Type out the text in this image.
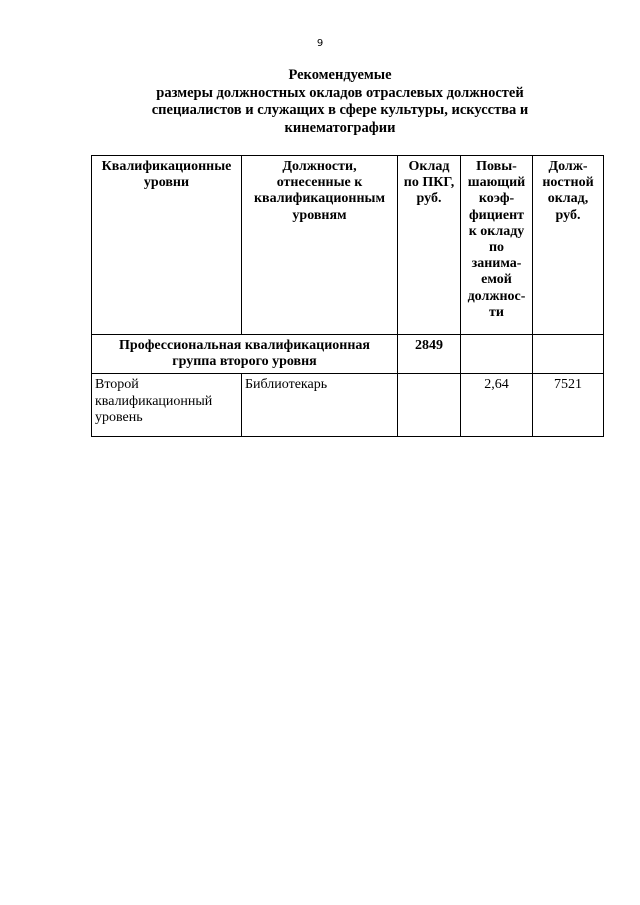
9
Рекомендуемые
размеры должностных окладов отраслевых должностей
специалистов и служащих в сфере культуры, искусства и
кинематографии
Квалификационные уровни	Должности, отнесенные к квалификационным уровням	Оклад по ПКГ, руб.	Повы-шающий коэф-фициент к окладу по занима-емой должнос-ти	Долж-ностной оклад, руб.
Профессиональная квалификационная группа второго уровня		2849		
Второй квалификационный уровень	Библиотекарь		2,64	7521
